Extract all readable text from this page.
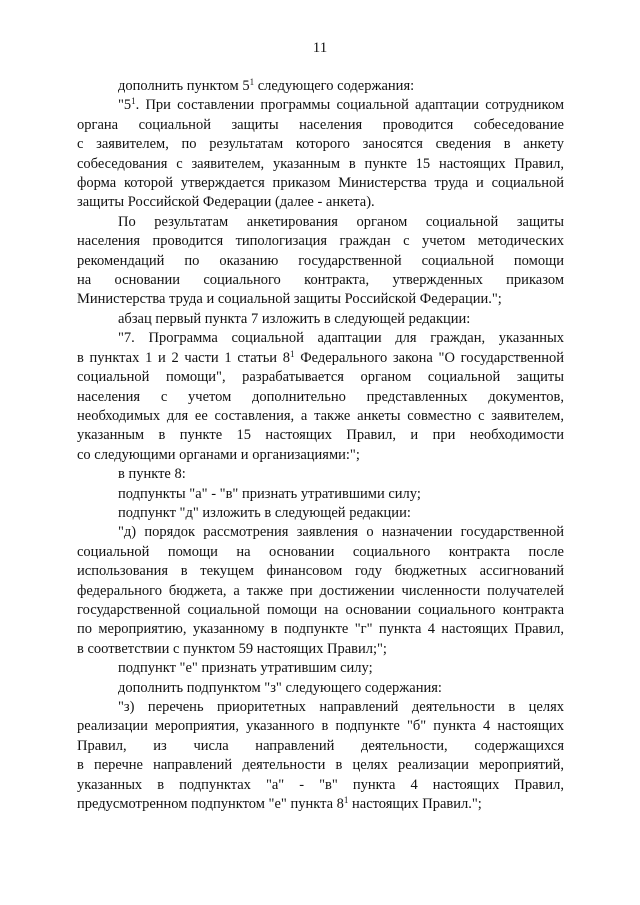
11

дополнить пунктом $5^1$ следующего содержания:

"$5^1$. При составлении программы социальной адаптации сотрудником
органа социальной защиты населения проводится собеседование
с заявителем, по результатам которого заносятся сведения в анкету
собеседования с заявителем, указанным в пункте 15 настоящих Правил,
форма которой утверждается приказом Министерства труда и социальной
защиты Российской Федерации (далее - анкета).

По результатам анкетирования органом социальной защиты
населения проводится типологизация граждан с учетом методических
рекомендаций по оказанию государственной социальной помощи
на основании социального контракта, утвержденных приказом
Министерства труда и социальной защиты Российской Федерации.";

абзац первый пункта 7 изложить в следующей редакции:

"7. Программа социальной адаптации для граждан, указанных
в пунктах 1 и 2 части 1 статьи $8^1$ Федерального закона "О государственной
социальной помощи", разрабатывается органом социальной защиты
населения с учетом дополнительно представленных документов,
необходимых для ее составления, а также анкеты совместно с заявителем,
указанным в пункте 15 настоящих Правил, и при необходимости
со следующими органами и организациями:";

в пункте 8:

подпункты "а" - "в" признать утратившими силу;

подпункт "д" изложить в следующей редакции:

"д) порядок рассмотрения заявления о назначении государственной
социальной помощи на основании социального контракта после
использования в текущем финансовом году бюджетных ассигнований
федерального бюджета, а также при достижении численности получателей
государственной социальной помощи на основании социального контракта
по мероприятию, указанному в подпункте "г" пункта 4 настоящих Правил,
в соответствии с пунктом 59 настоящих Правил;";

подпункт "е" признать утратившим силу;

дополнить подпунктом "з" следующего содержания:

"з) перечень приоритетных направлений деятельности в целях
реализации мероприятия, указанного в подпункте "б" пункта 4 настоящих
Правил, из числа направлений деятельности, содержащихся
в перечне направлений деятельности в целях реализации мероприятий,
указанных в подпунктах "а" - "в" пункта 4 настоящих Правил,
предусмотренном подпунктом "е" пункта $8^1$ настоящих Правил.";
